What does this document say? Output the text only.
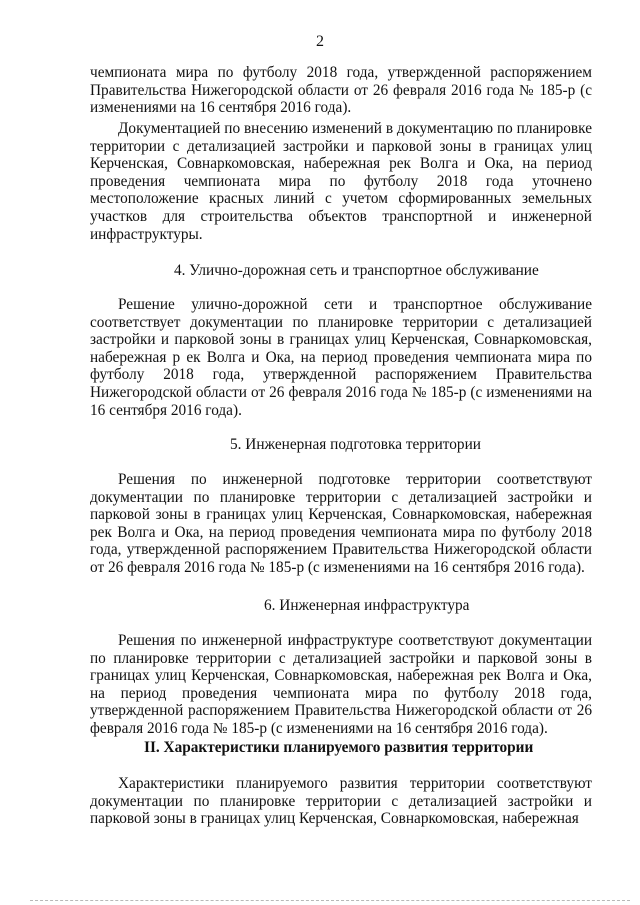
2

чемпионата мира по футболу 2018 года, утвержденной распоряжением Правительства Нижегородской области от 26 февраля 2016 года № 185-р (с изменениями на 16 сентября 2016 года).

Документацией по внесению изменений в документацию по планировке территории с детализацией застройки и парковой зоны в границах улиц Керченская, Совнаркомовская, набережная рек Волга и Ока, на период проведения чемпионата мира по футболу 2018 года уточнено местоположение красных линий с учетом сформированных земельных участков для строительства объектов транспортной и инженерной инфраструктуры.

4. Улично-дорожная сеть и транспортное обслуживание

Решение улично-дорожной сети и транспортное обслуживание соответствует документации по планировке территории с детализацией застройки и парковой зоны в границах улиц Керченская, Совнаркомовская, набережная р ек Волга и Ока, на период проведения чемпионата мира по футболу 2018 года, утвержденной распоряжением Правительства Нижегородской области от 26 февраля 2016 года № 185-р (с изменениями на 16 сентября 2016 года).

5. Инженерная подготовка территории

Решения по инженерной подготовке территории соответствуют документации по планировке территории с детализацией застройки и парковой зоны в границах улиц Керченская, Совнаркомовская, набережная рек Волга и Ока, на период проведения чемпионата мира по футболу 2018 года, утвержденной распоряжением Правительства Нижегородской области от 26 февраля 2016 года № 185-р (с изменениями на 16 сентября 2016 года).

6. Инженерная инфраструктура

Решения по инженерной инфраструктуре соответствуют документации по планировке территории с детализацией застройки и парковой зоны в границах улиц Керченская, Совнаркомовская, набережная рек Волга и Ока, на период проведения чемпионата мира по футболу 2018 года, утвержденной распоряжением Правительства Нижегородской области от 26 февраля 2016 года № 185-р (с изменениями на 16 сентября 2016 года).

II. Характеристики планируемого развития территории

Характеристики планируемого развития территории соответствуют документации по планировке территории с детализацией застройки и парковой зоны в границах улиц Керченская, Совнаркомовская, набережная
